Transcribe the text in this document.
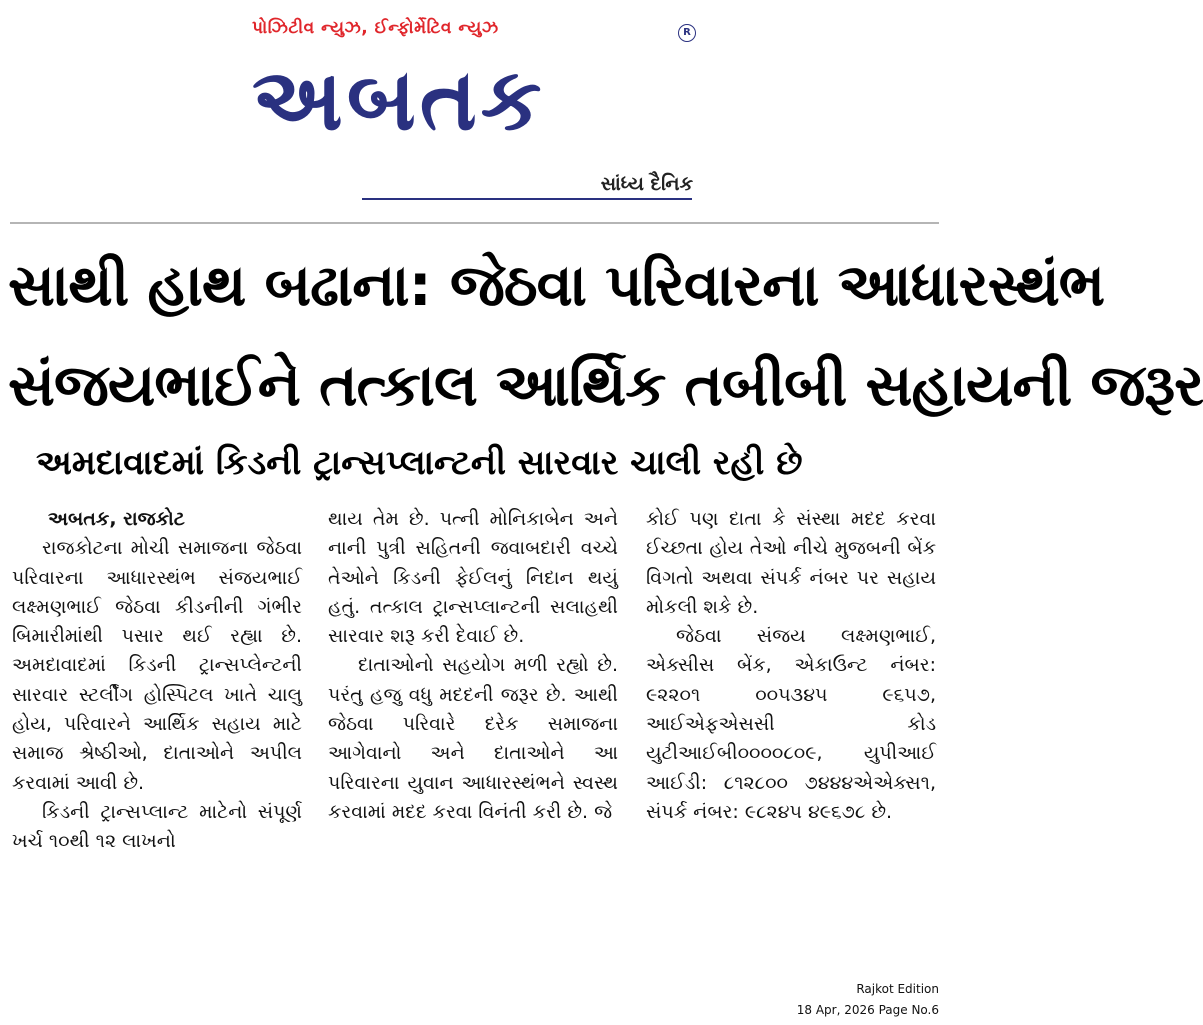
પોઝિટીવ ન્યુઝ, ઈન્ફોર્મેટિવ ન્યુઝ	R
અબતક
સાંધ્ય દૈનિક
સાથી હાથ બઢાના: જેઠવા પરિવારના આધારસ્થંભ
સંજયભાઈને તત્કાલ આર્થિક તબીબી સહાયની જરૂર
અમદાવાદમાં કિડની ટ્રાન્સપ્લાન્ટની સારવાર ચાલી રહી છે

અબતક, રાજકોટ

રાજકોટના મોચી સમાજના જેઠવા પરિવારના આધારસ્થંભ સંજયભાઈ લક્ષ્મણભાઈ જેઠવા કીડનીની ગંભીર બિમારીમાંથી પસાર થઈ રહ્યા છે. અમદાવાદમાં કિડની ટ્રાન્સપ્લેન્ટની સારવાર સ્ટર્લીંગ હોસ્પિટલ ખાતે ચાલુ હોય, પરિવારને આર્થિક સહાય માટે સમાજ શ્રેષ્ઠીઓ, દાતાઓને અપીલ કરવામાં આવી છે.

કિડની ટ્રાન્સપ્લાન્ટ માટેનો સંપૂર્ણ ખર્ચ ૧૦થી ૧૨ લાખનો

થાય તેમ છે. પત્ની મોનિકાબેન અને નાની પુત્રી સહિતની જવાબદારી વચ્ચે તેઓને કિડની ફેઈલનું નિદાન થયું હતું. તત્કાલ ટ્રાન્સપ્લાન્ટની સલાહથી સારવાર શરૂ કરી દેવાઈ છે.

દાતાઓનો સહયોગ મળી રહ્યો છે. પરંતુ હજુ વધુ મદદની જરૂર છે. આથી જેઠવા પરિવારે દરેક સમાજના આગેવાનો અને દાતાઓને આ પરિવારના યુવાન આધારસ્થંભને સ્વસ્થ કરવામાં મદદ કરવા વિનંતી કરી છે. જે

કોઈ પણ દાતા કે સંસ્થા મદદ કરવા ઈચ્છતા હોય તેઓ નીચે મુજબની બેંક વિગતો અથવા સંપર્ક નંબર પર સહાય મોકલી શકે છે.

જેઠવા સંજય લક્ષ્મણભાઈ, એક્સીસ બેંક, એકાઉન્ટ નંબર: ૯૨૨૦૧ ૦૦૫૩૪૫ ૯૬૫૭, આઈએફએસસી કોડ યુટીઆઈબી૦૦૦૦૮૦૯, યુપીઆઈ આઈડી: ૮૧૨૮૦૦ ૭૪૪૪એએક્સ૧, સંપર્ક નંબર: ૯૮૨૪૫ ૪૯૬૭૮ છે.

Rajkot Edition
18 Apr, 2026 Page No.6
